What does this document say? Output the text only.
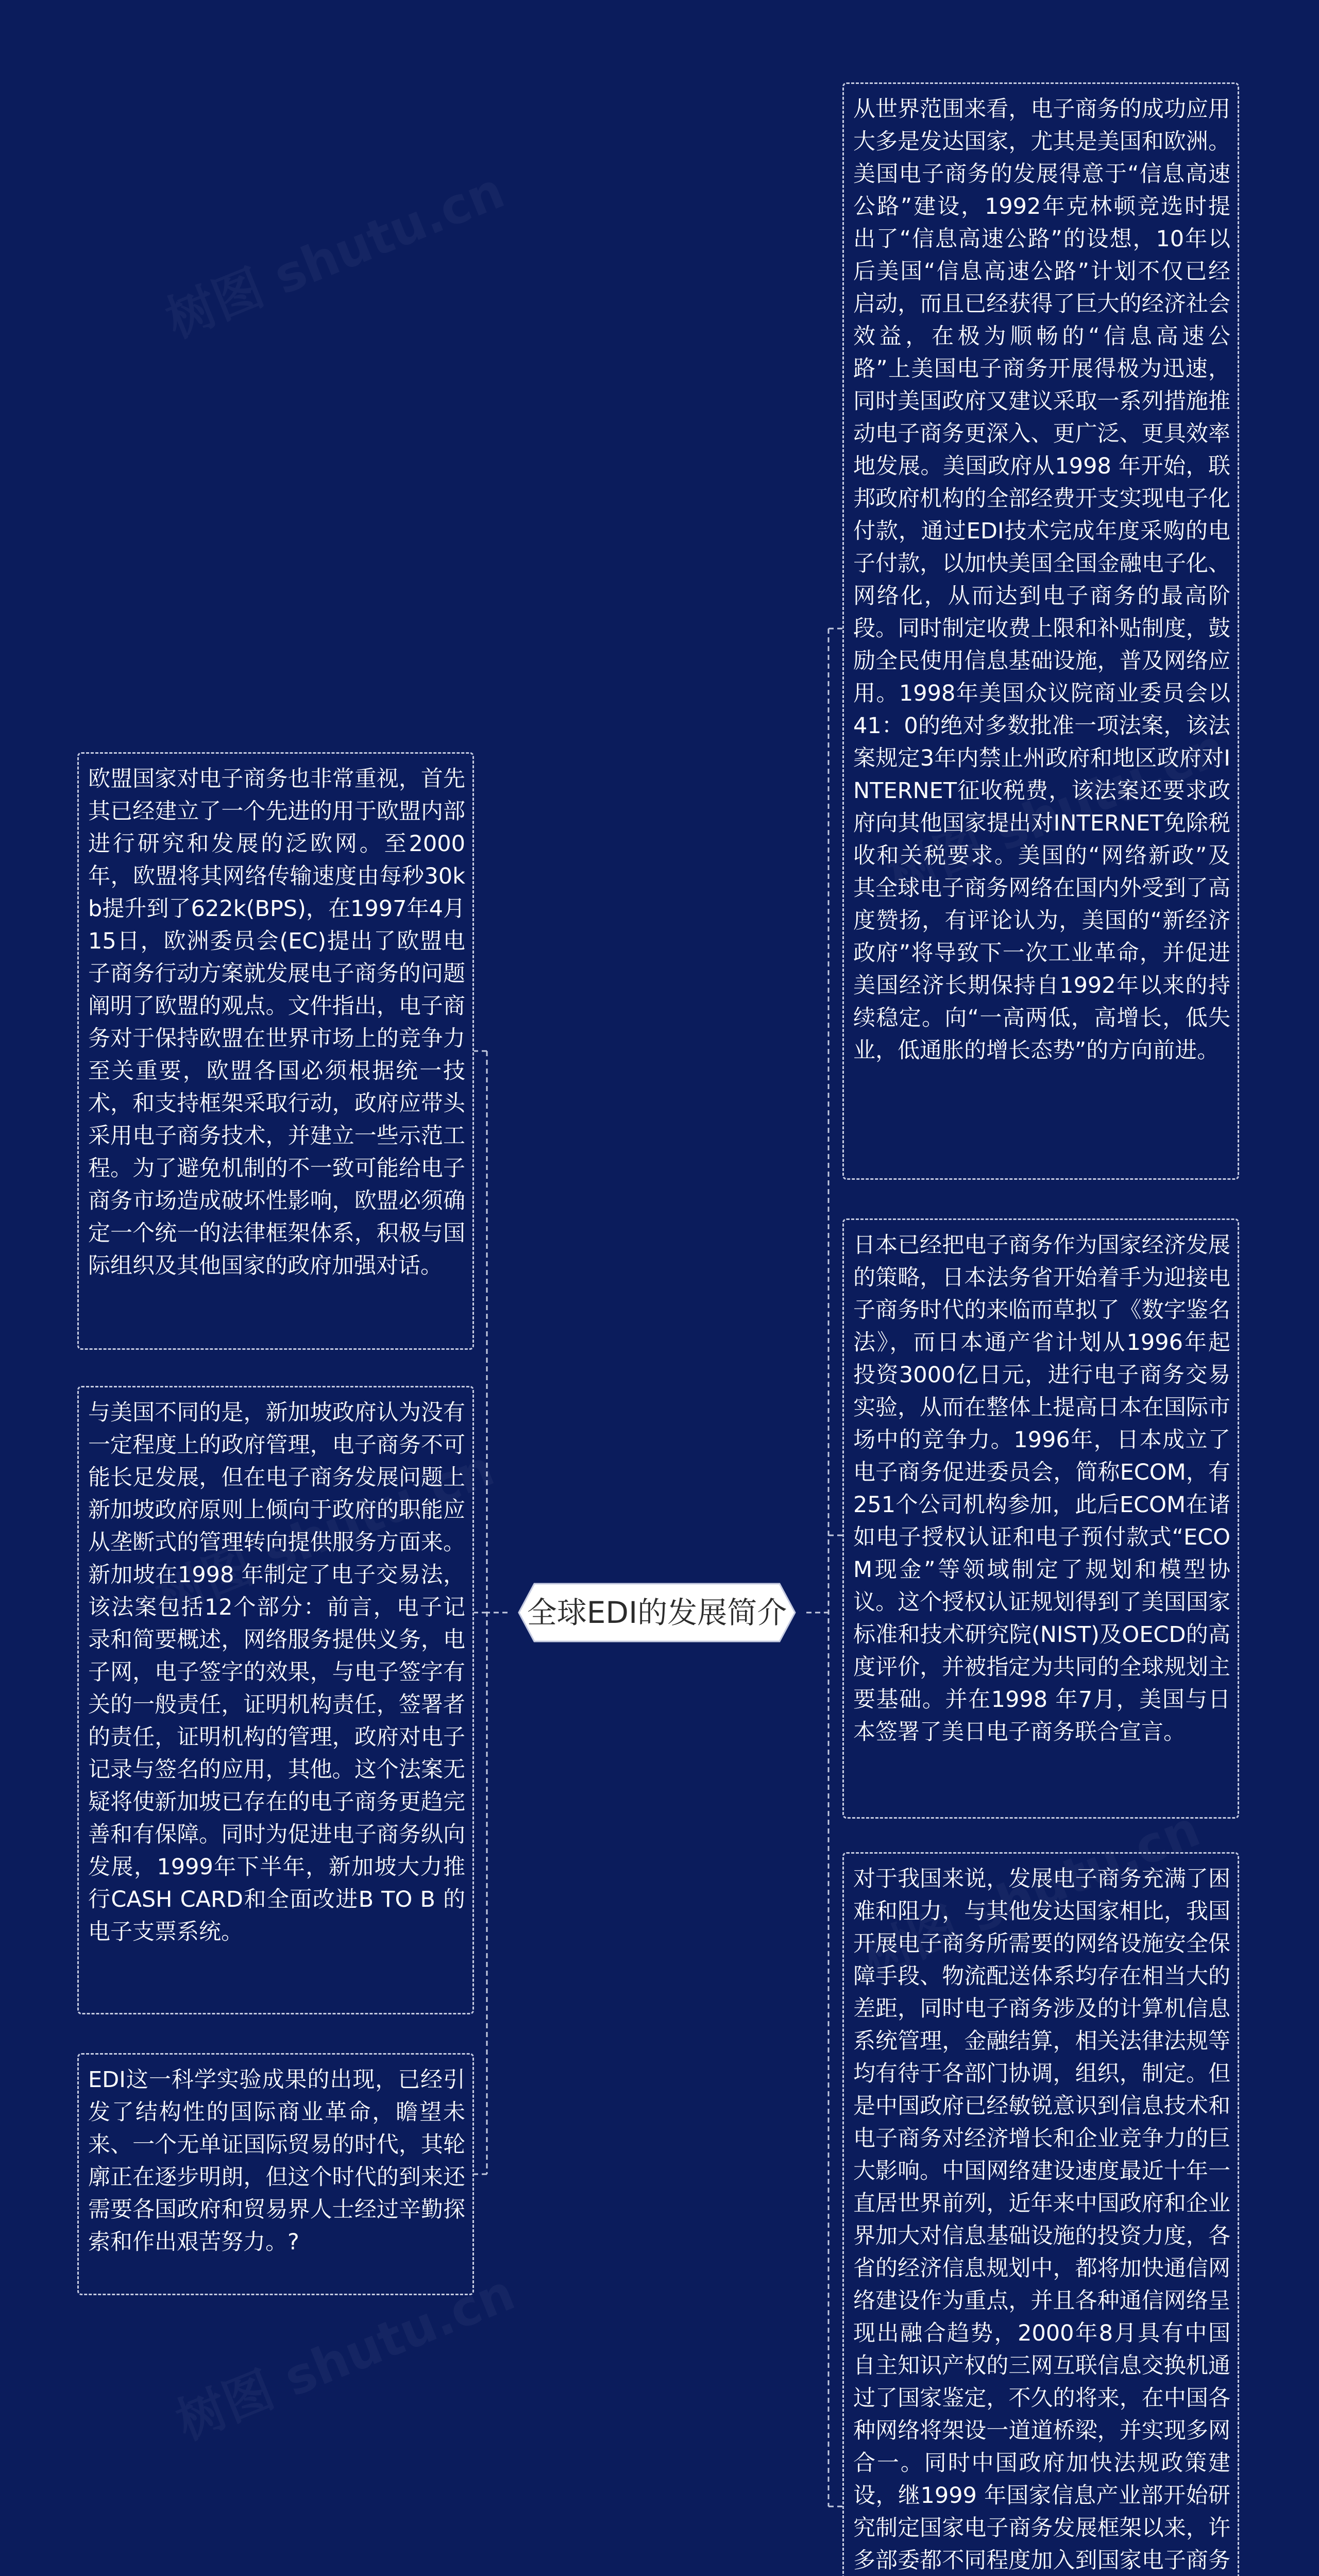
全球EDI的发展简介
欧盟国家对电子商务也非常重视，首先其已经建立了一个先进的用于欧盟内部进行研究和发展的泛欧网。至2000年，欧盟将其网络传输速度由每秒30kb提升到了622k(BPS)，在1997年4月15日，欧洲委员会(EC)提出了欧盟电子商务行动方案就发展电子商务的问题阐明了欧盟的观点。文件指出，电子商务对于保持欧盟在世界市场上的竞争力至关重要，欧盟各国必须根据统一技术，和支持框架采取行动，政府应带头采用电子商务技术，并建立一些示范工程。为了避免机制的不一致可能给电子商务市场造成破坏性影响，欧盟必须确定一个统一的法律框架体系，积极与国际组织及其他国家的政府加强对话。
与美国不同的是，新加坡政府认为没有一定程度上的政府管理，电子商务不可能长足发展，但在电子商务发展问题上新加坡政府原则上倾向于政府的职能应从垄断式的管理转向提供服务方面来。新加坡在1998 年制定了电子交易法，该法案包括12个部分：前言，电子记录和简要概述，网络服务提供义务，电子网，电子签字的效果，与电子签字有关的一般责任，证明机构责任，签署者的责任，证明机构的管理，政府对电子记录与签名的应用，其他。这个法案无疑将使新加坡已存在的电子商务更趋完善和有保障。同时为促进电子商务纵向发展，1999年下半年，新加坡大力推行CASH CARD和全面改进B TO B 的电子支票系统。
EDI这一科学实验成果的出现，已经引发了结构性的国际商业革命，瞻望未来、一个无单证国际贸易的时代，其轮廓正在逐步明朗，但这个时代的到来还需要各国政府和贸易界人士经过辛勤探索和作出艰苦努力。?
从世界范围来看，电子商务的成功应用大多是发达国家，尤其是美国和欧洲。美国电子商务的发展得意于“信息高速公路”建设，1992年克林顿竞选时提出了“信息高速公路”的设想，10年以后美国“信息高速公路”计划不仅已经启动，而且已经获得了巨大的经济社会效益，在极为顺畅的“信息高速公路”上美国电子商务开展得极为迅速，同时美国政府又建议采取一系列措施推动电子商务更深入、更广泛、更具效率地发展。美国政府从1998 年开始，联邦政府机构的全部经费开支实现电子化付款，通过EDI技术完成年度采购的电子付款，以加快美国全国金融电子化、网络化，从而达到电子商务的最高阶段。同时制定收费上限和补贴制度，鼓励全民使用信息基础设施，普及网络应用。1998年美国众议院商业委员会以41：0的绝对多数批准一项法案，该法案规定3年内禁止州政府和地区政府对INTERNET征收税费，该法案还要求政府向其他国家提出对INTERNET免除税收和关税要求。美国的“网络新政”及其全球电子商务网络在国内外受到了高度赞扬，有评论认为，美国的“新经济政府”将导致下一次工业革命，并促进美国经济长期保持自1992年以来的持续稳定。向“一高两低，高增长，低失业，低通胀的增长态势”的方向前进。
日本已经把电子商务作为国家经济发展的策略，日本法务省开始着手为迎接电子商务时代的来临而草拟了《数字鉴名法》，而日本通产省计划从1996年起投资3000亿日元，进行电子商务交易实验，从而在整体上提高日本在国际市场中的竞争力。1996年，日本成立了电子商务促进委员会，简称ECOM，有251个公司机构参加，此后ECOM在诸如电子授权认证和电子预付款式“ECOM现金”等领域制定了规划和模型协议。这个授权认证规划得到了美国国家标准和技术研究院(NIST)及OECD的高度评价，并被指定为共同的全球规划主要基础。并在1998 年7月，美国与日本签署了美日电子商务联合宣言。
对于我国来说，发展电子商务充满了困难和阻力，与其他发达国家相比，我国开展电子商务所需要的网络设施安全保障手段、物流配送体系均存在相当大的差距，同时电子商务涉及的计算机信息系统管理，金融结算，相关法律法规等均有待于各部门协调，组织，制定。但是中国政府已经敏锐意识到信息技术和电子商务对经济增长和企业竞争力的巨大影响。中国网络建设速度最近十年一直居世界前列，近年来中国政府和企业界加大对信息基础设施的投资力度，各省的经济信息规划中，都将加快通信网络建设作为重点，并且各种通信网络呈现出融合趋势，2000年8月具有中国自主知识产权的三网互联信息交换机通过了国家鉴定，不久的将来，在中国各种网络将架设一道道桥梁，并实现多网合一。同时中国政府加快法规政策建设，继1999 年国家信息产业部开始研究制定国家电子商务发展框架以来，许多部委都不同程度加入到国家电子商务
